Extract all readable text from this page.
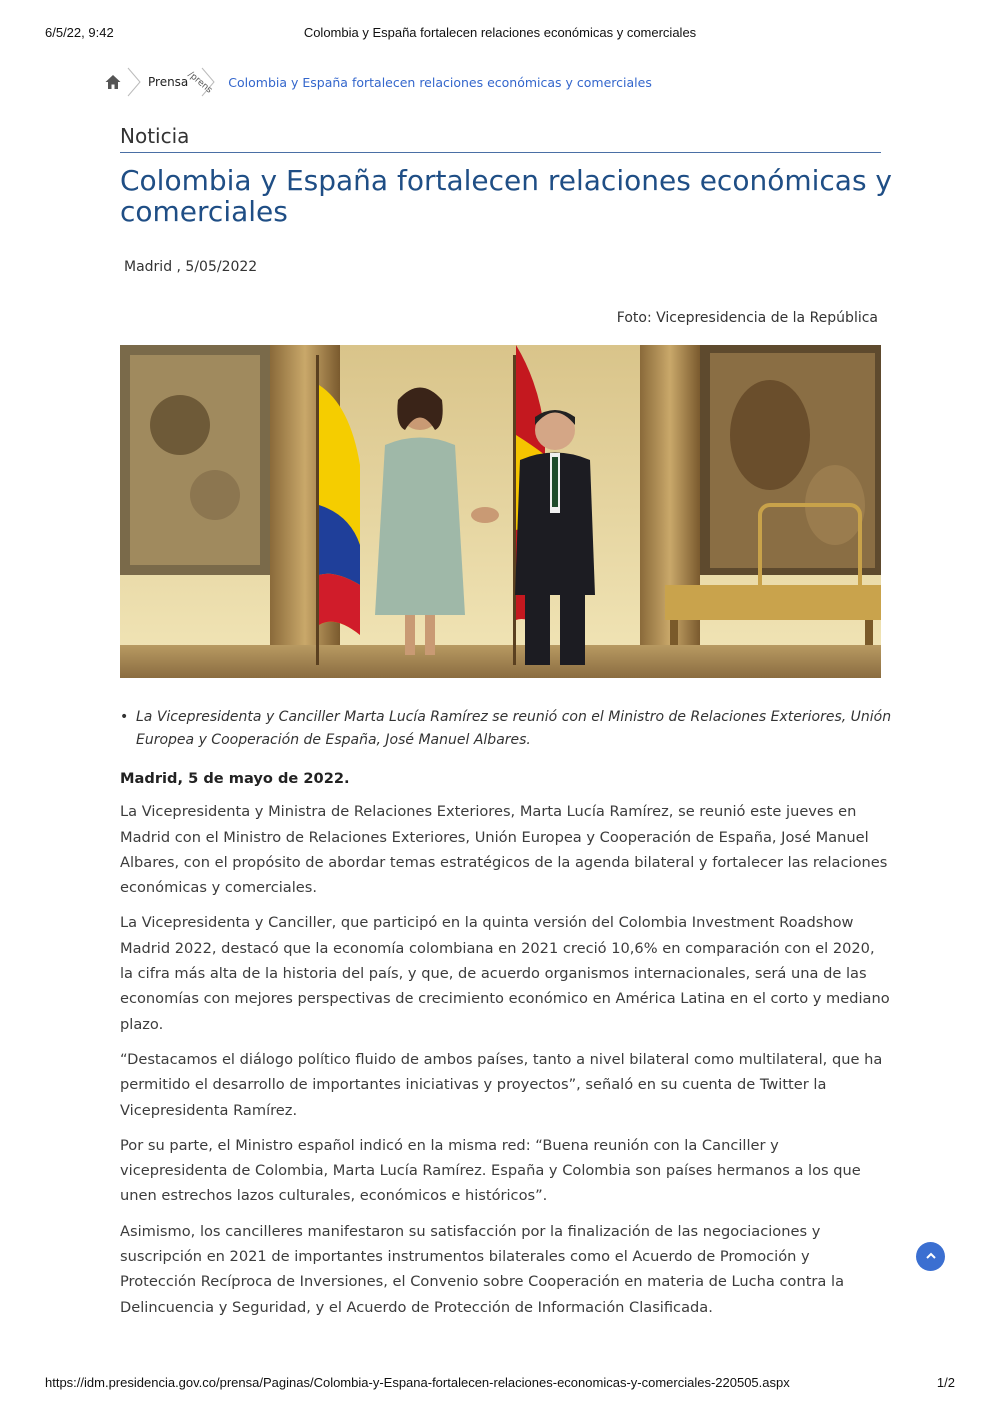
6/5/22, 9:42	Colombia y España fortalecen relaciones económicas y comerciales
Prensa
/prens Colombia y España fortalecen relaciones económicas y comerciales
Noticia
Colombia y España fortalecen relaciones económicas y comerciales
Madrid , 5/05/2022
Foto: Vicepresidencia de la República
• La Vicepresidenta y Canciller Marta Lucía Ramírez se reunió con el Ministro de Relaciones Exteriores, Unión Europea y Cooperación de España, José Manuel Albares.

Madrid, 5 de mayo de 2022.

La Vicepresidenta y Ministra de Relaciones Exteriores, Marta Lucía Ramírez, se reunió este jueves en Madrid con el Ministro de Relaciones Exteriores, Unión Europea y Cooperación de España, José Manuel Albares, con el propósito de abordar temas estratégicos de la agenda bilateral y fortalecer las relaciones económicas y comerciales.

La Vicepresidenta y Canciller, que participó en la quinta versión del Colombia Investment Roadshow Madrid 2022, destacó que la economía colombiana en 2021 creció 10,6% en comparación con el 2020, la cifra más alta de la historia del país, y que, de acuerdo organismos internacionales, será una de las economías con mejores perspectivas de crecimiento económico en América Latina en el corto y mediano plazo.

“Destacamos el diálogo político fluido de ambos países, tanto a nivel bilateral como multilateral, que ha permitido el desarrollo de importantes iniciativas y proyectos”, señaló en su cuenta de Twitter la Vicepresidenta Ramírez.

Por su parte, el Ministro español indicó en la misma red: “Buena reunión con la Canciller y vicepresidenta de Colombia, Marta Lucía Ramírez. España y Colombia son países hermanos a los que unen estrechos lazos culturales, económicos e históricos”.

Asimismo, los cancilleres manifestaron su satisfacción por la finalización de las negociaciones y suscripción en 2021 de importantes instrumentos bilaterales como el Acuerdo de Promoción y Protección Recíproca de Inversiones, el Convenio sobre Cooperación en materia de Lucha contra la Delincuencia y Seguridad, y el Acuerdo de Protección de Información Clasificada.

https://idm.presidencia.gov.co/prensa/Paginas/Colombia-y-Espana-fortalecen-relaciones-economicas-y-comerciales-220505.aspx	1/2
